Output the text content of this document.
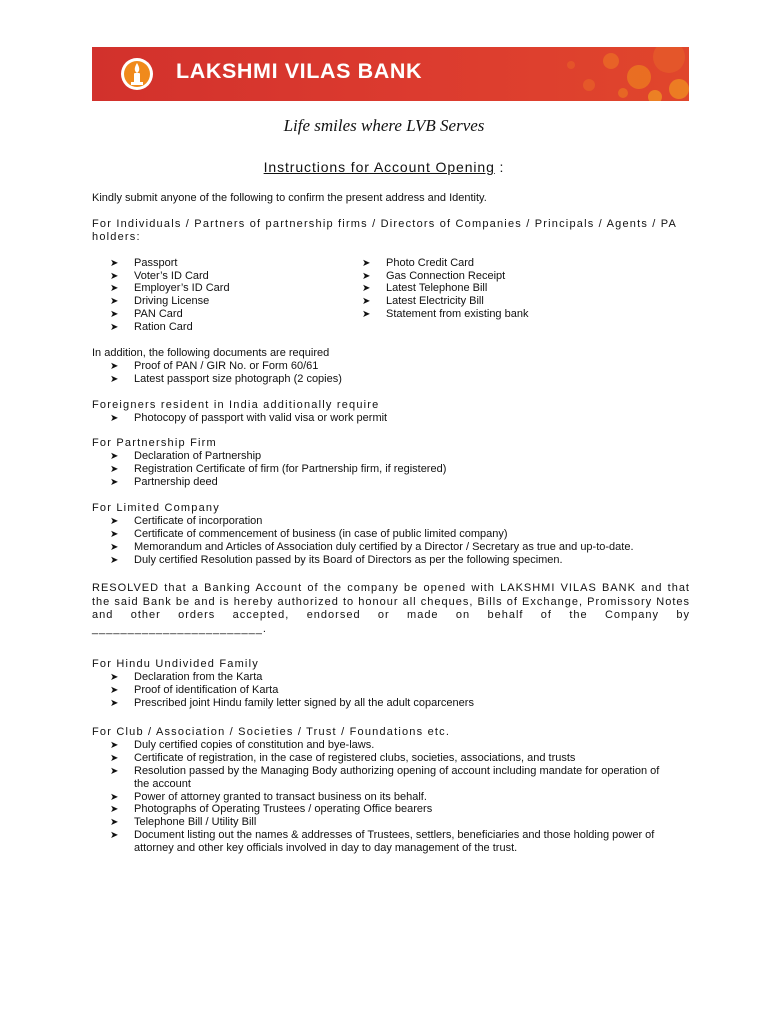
LAKSHMI VILAS BANK
Life smiles where LVB Serves
Instructions for Account Opening :
Kindly submit anyone of the following to confirm the present address and Identity.
For Individuals / Partners of partnership firms / Directors of Companies / Principals / Agents / PA
holders:
➤ Passport
➤ Voter’s ID Card
➤ Employer’s ID Card
➤ Driving License
➤ PAN Card
➤ Ration Card
➤ Photo Credit Card
➤ Gas Connection Receipt
➤ Latest Telephone Bill
➤ Latest Electricity Bill
➤ Statement from existing bank
In addition, the following documents are required
➤ Proof of PAN / GIR No. or Form 60/61
➤ Latest passport size photograph (2 copies)
Foreigners resident in India additionally require
➤ Photocopy of passport with valid visa or work permit
For Partnership Firm
➤ Declaration of Partnership
➤ Registration Certificate of firm (for Partnership firm, if registered)
➤ Partnership deed
For Limited Company
➤ Certificate of incorporation
➤ Certificate of commencement of business (in case of public limited company)
➤ Memorandum and Articles of Association duly certified by a Director / Secretary as true and up-to-date.
➤ Duly certified Resolution passed by its Board of Directors as per the following specimen.
RESOLVED that a Banking Account of the company be opened with LAKSHMI VILAS BANK and that the said Bank be and is hereby authorized to honour all cheques, Bills of Exchange, Promissory Notes and other orders accepted, endorsed or made on behalf of the Company by ________________________.
For Hindu Undivided Family
➤ Declaration from the Karta
➤ Proof of identification of Karta
➤ Prescribed joint Hindu family letter signed by all the adult coparceners
For Club / Association / Societies / Trust / Foundations etc.
➤ Duly certified copies of constitution and bye-laws.
➤ Certificate of registration, in the case of registered clubs, societies, associations, and trusts
➤ Resolution passed by the Managing Body authorizing opening of account including mandate for operation of the account
➤ Power of attorney granted to transact business on its behalf.
➤ Photographs of Operating Trustees / operating Office bearers
➤ Telephone Bill / Utility Bill
➤ Document listing out the names & addresses of Trustees, settlers, beneficiaries and those holding power of attorney and other key officials involved in day to day management of the trust.
